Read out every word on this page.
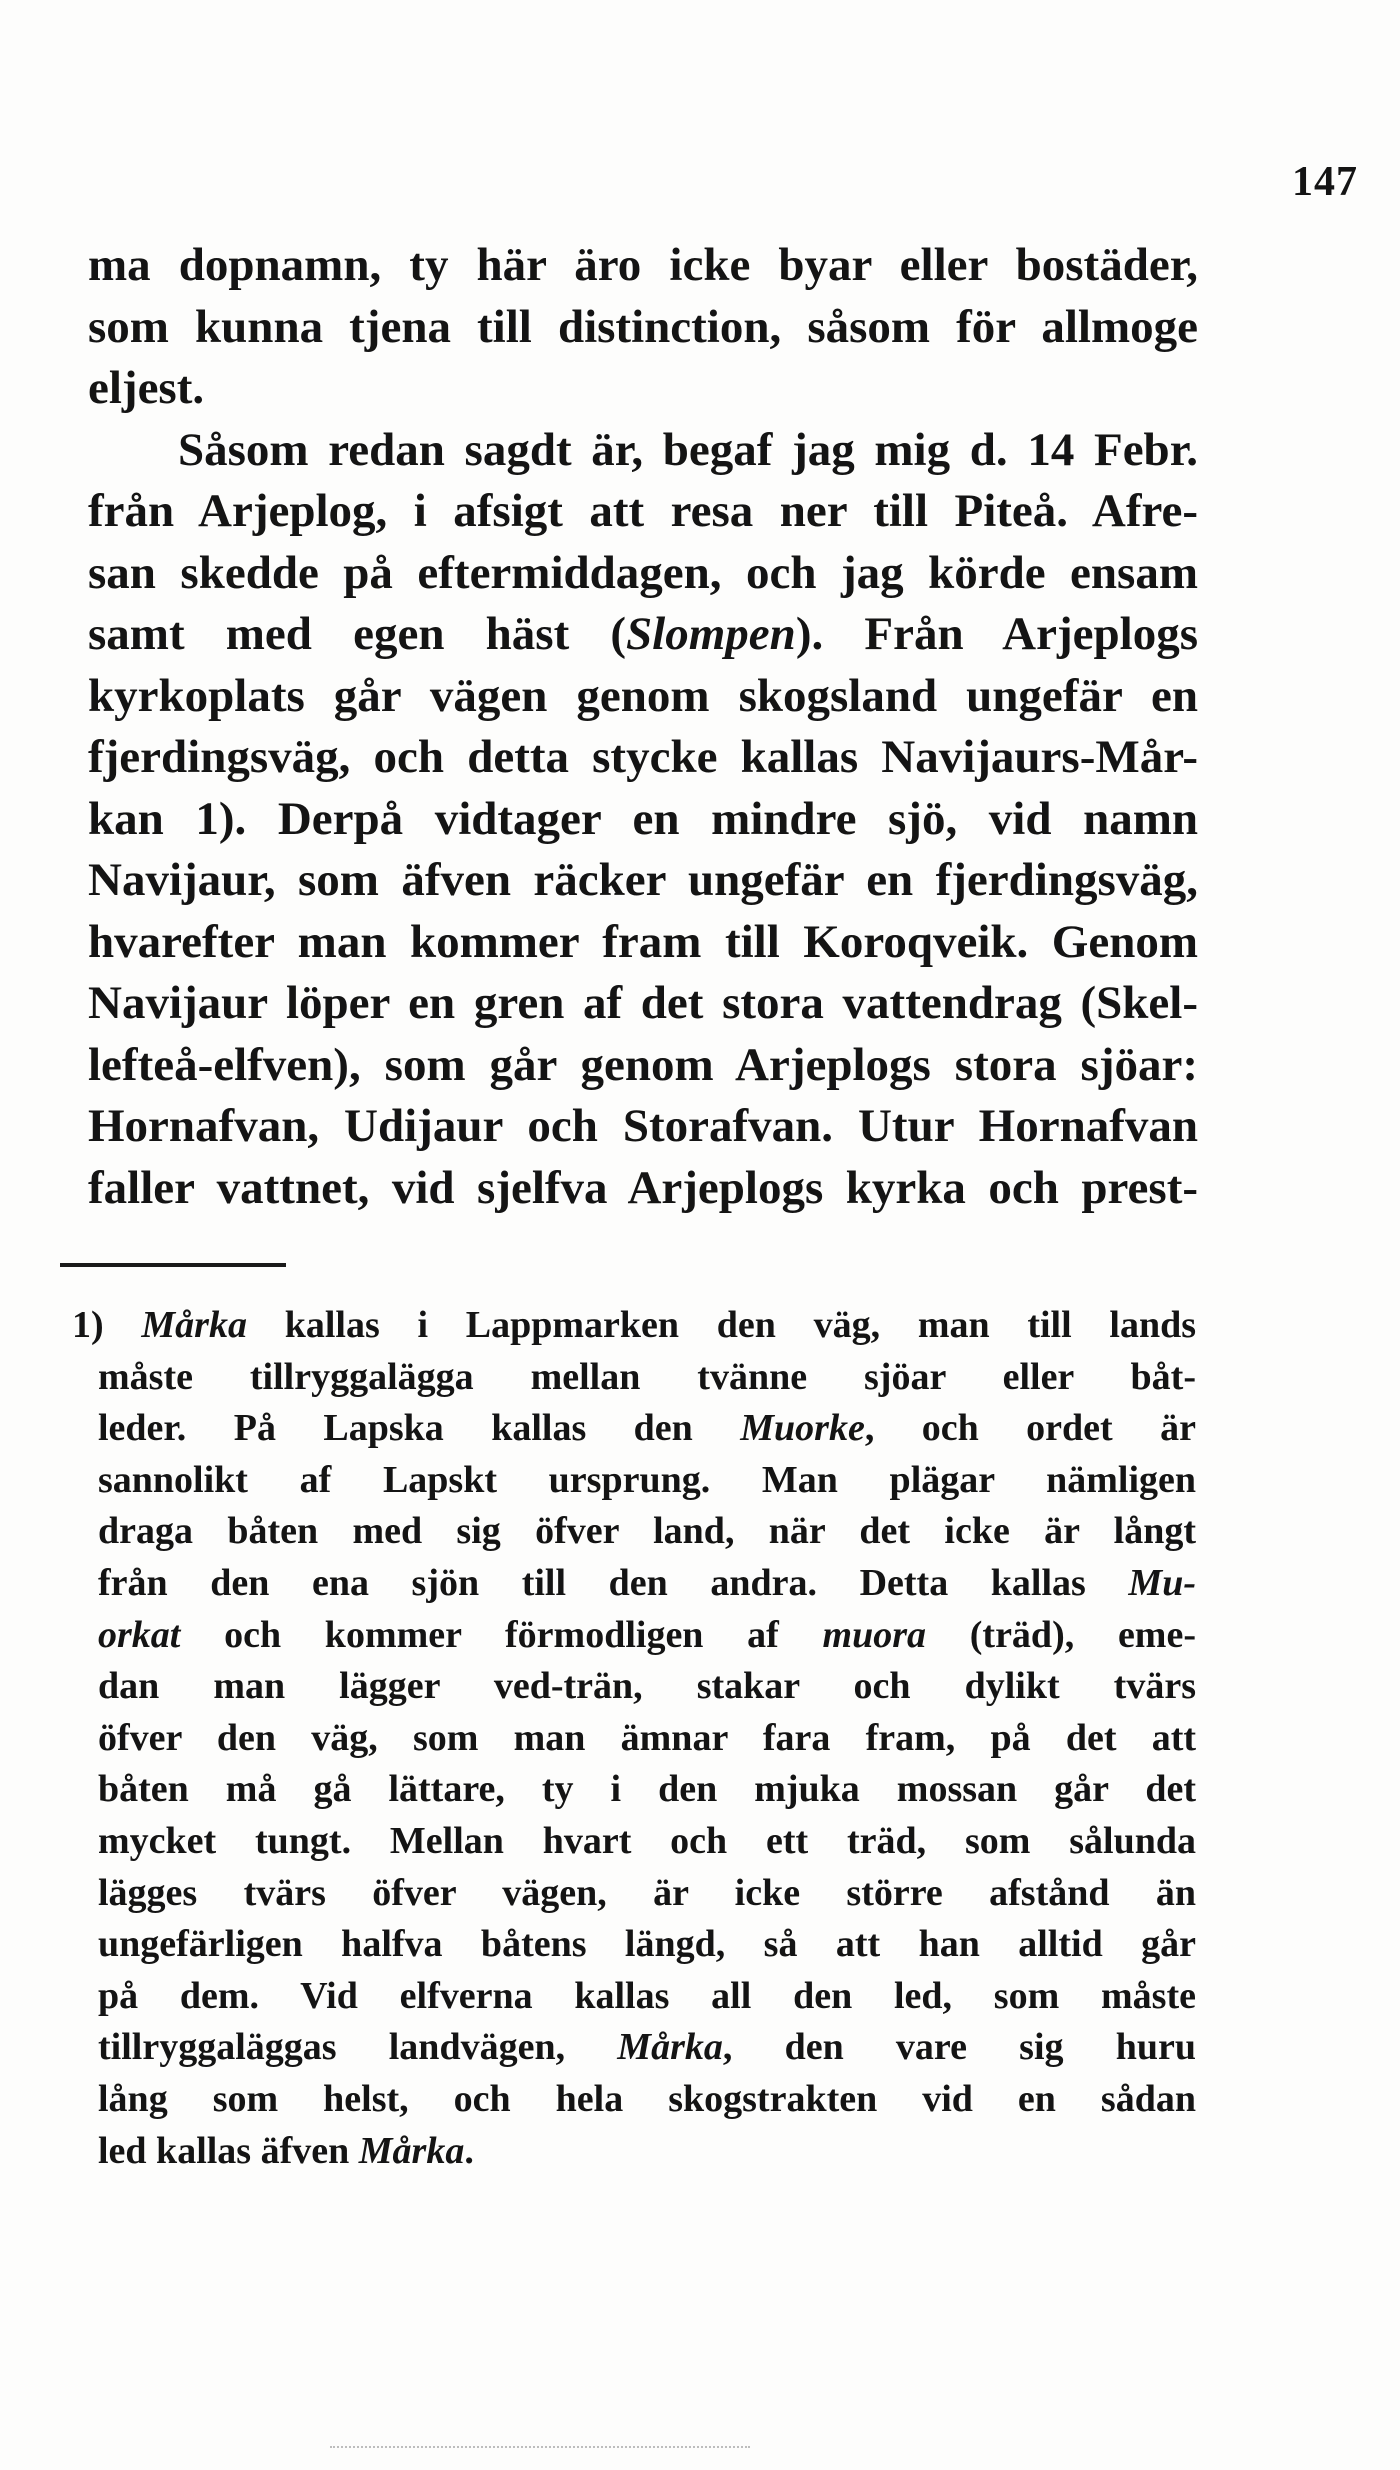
147
ma dopnamn, ty här äro icke byar eller bostäder,
som kunna tjena till distinction, såsom för allmoge
eljest.
Såsom redan sagdt är, begaf jag mig d. 14 Febr.
från Arjeplog, i afsigt att resa ner till Piteå. Afre-
san skedde på eftermiddagen, och jag körde ensam
samt med egen häst (Slompen). Från Arjeplogs
kyrkoplats går vägen genom skogsland ungefär en
fjerdingsväg, och detta stycke kallas Navijaurs-Mår-
kan 1). Derpå vidtager en mindre sjö, vid namn
Navijaur, som äfven räcker ungefär en fjerdingsväg,
hvarefter man kommer fram till Koroqveik. Genom
Navijaur löper en gren af det stora vattendrag (Skel-
lefteå-elfven), som går genom Arjeplogs stora sjöar:
Hornafvan, Udijaur och Storafvan. Utur Hornafvan
faller vattnet, vid sjelfva Arjeplogs kyrka och prest-
1) Mårka kallas i Lappmarken den väg, man till lands
måste tillryggalägga mellan tvänne sjöar eller båt-
leder. På Lapska kallas den Muorke, och ordet är
sannolikt af Lapskt ursprung. Man plägar nämligen
draga båten med sig öfver land, när det icke är långt
från den ena sjön till den andra. Detta kallas Mu-
orkat och kommer förmodligen af muora (träd), eme-
dan man lägger ved-trän, stakar och dylikt tvärs
öfver den väg, som man ämnar fara fram, på det att
båten må gå lättare, ty i den mjuka mossan går det
mycket tungt. Mellan hvart och ett träd, som sålunda
lägges tvärs öfver vägen, är icke större afstånd än
ungefärligen halfva båtens längd, så att han alltid går
på dem. Vid elfverna kallas all den led, som måste
tillryggaläggas landvägen, Mårka, den vare sig huru
lång som helst, och hela skogstrakten vid en sådan
led kallas äfven Mårka.
